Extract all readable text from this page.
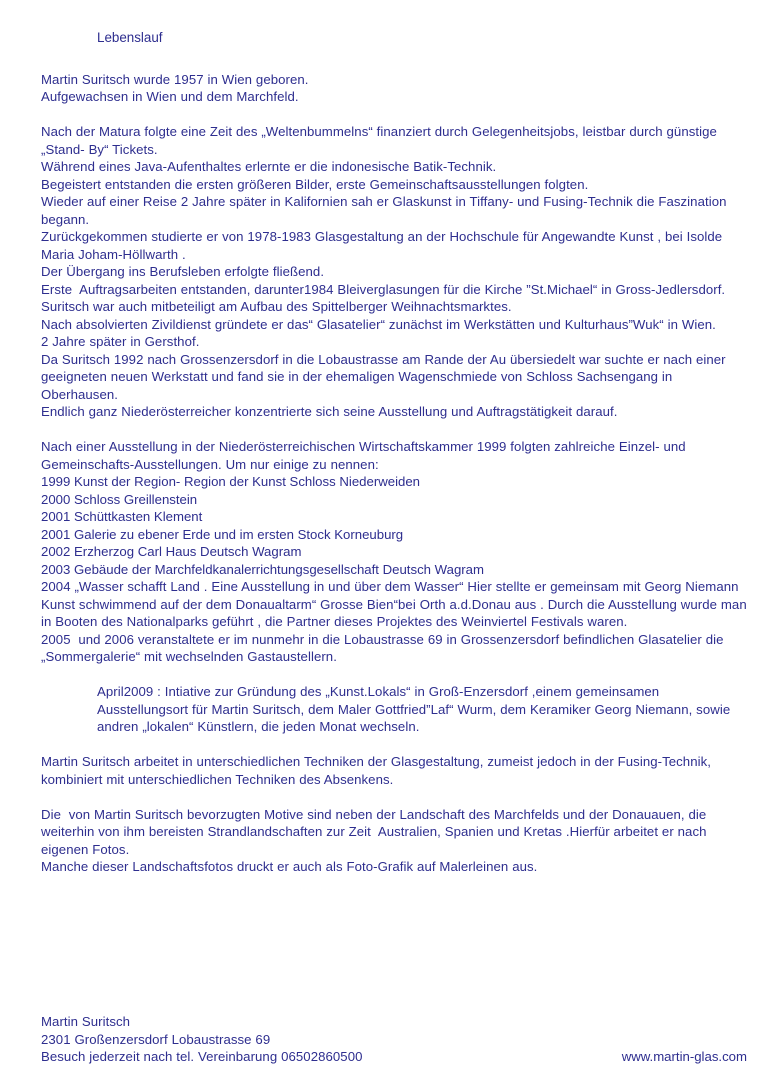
Lebenslauf
Martin Suritsch wurde 1957 in Wien geboren.
Aufgewachsen in Wien und dem Marchfeld.

Nach der Matura folgte eine Zeit des „Weltenbummelns“ finanziert durch Gelegenheitsjobs, leistbar durch günstige „Stand- By“ Tickets.

Während eines Java-Aufenthaltes erlernte er die indonesische Batik-Technik.

Begeistert entstanden die ersten größeren Bilder, erste Gemeinschaftsausstellungen folgten.

Wieder auf einer Reise 2 Jahre später in Kalifornien sah er Glaskunst in Tiffany- und Fusing-Technik die Faszination begann.

Zurückgekommen studierte er von 1978-1983 Glasgestaltung an der Hochschule für Angewandte Kunst , bei Isolde  Maria Joham-Höllwarth .

Der Übergang ins Berufsleben erfolgte fließend.

Erste  Auftragsarbeiten entstanden, darunter1984 Bleiverglasungen für die Kirche ”St.Michael“ in Gross-Jedlersdorf.

Suritsch war auch mitbeteiligt am Aufbau des Spittelberger Weihnachtsmarktes.

Nach absolvierten Zivildienst gründete er das“ Glasatelier“ zunächst im Werkstätten und Kulturhaus”Wuk“ in Wien.

2 Jahre später in Gersthof.

Da Suritsch 1992 nach Grossenzersdorf in die Lobaustrasse am Rande der Au übersiedelt war suchte er nach einer geeigneten neuen Werkstatt und fand sie in der ehemaligen Wagenschmiede von Schloss Sachsengang in Oberhausen.

Endlich ganz Niederösterreicher konzentrierte sich seine Ausstellung und Auftragstätigkeit darauf.

Nach einer Ausstellung in der Niederösterreichischen Wirtschaftskammer 1999 folgten zahlreiche Einzel- und Gemeinschafts-Ausstellungen. Um nur einige zu nennen:

1999 Kunst der Region- Region der Kunst Schloss Niederweiden
2000 Schloss Greillenstein
2001 Schüttkasten Klement
2001 Galerie zu ebener Erde und im ersten Stock Korneuburg
2002 Erzherzog Carl Haus Deutsch Wagram
2003 Gebäude der Marchfeldkanalerrichtungsgesellschaft Deutsch Wagram

2004 „Wasser schafft Land . Eine Ausstellung in und über dem Wasser“ Hier stellte er gemeinsam mit Georg Niemann Kunst schwimmend auf der dem Donaualtarm“ Grosse Bien“bei Orth a.d.Donau aus . Durch die Ausstellung wurde man in Booten des Nationalparks geführt , die Partner dieses Projektes des Weinviertel Festivals waren.

2005  und 2006 veranstaltete er im nunmehr in die Lobaustrasse 69 in Grossenzersdorf befindlichen Glasatelier die „Sommergalerie“ mit wechselnden Gastaustellern.

April2009 : Intiative zur Gründung des „Kunst.Lokals“ in Groß-Enzersdorf ,einem gemeinsamen Ausstellungsort für Martin Suritsch, dem Maler Gottfried”Laf“ Wurm, dem Keramiker Georg Niemann, sowie andren „lokalen“ Künstlern, die jeden Monat wechseln.

Martin Suritsch arbeitet in unterschiedlichen Techniken der Glasgestaltung, zumeist jedoch in der Fusing-Technik, kombiniert mit unterschiedlichen Techniken des Absenkens.

Die  von Martin Suritsch bevorzugten Motive sind neben der Landschaft des Marchfelds und der Donauauen, die weiterhin von ihm bereisten Strandlandschaften zur Zeit  Australien, Spanien und Kretas .Hierfür arbeitet er nach eigenen Fotos.

Manche dieser Landschaftsfotos druckt er auch als Foto-Grafik auf Malerleinen aus.

Martin Suritsch
2301 Großenzersdorf Lobaustrasse 69
Besuch jederzeit nach tel. Vereinbarung 06502860500	www.martin-glas.com
